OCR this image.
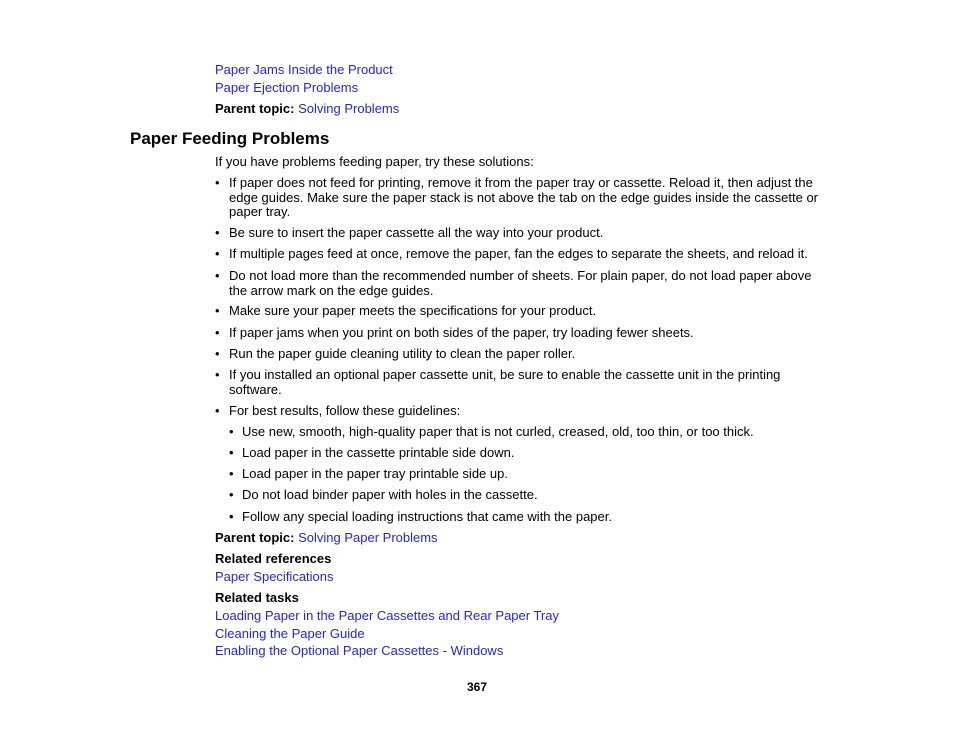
Paper Jams Inside the Product
Paper Ejection Problems
Parent topic: Solving Problems
Paper Feeding Problems
If you have problems feeding paper, try these solutions:
• If paper does not feed for printing, remove it from the paper tray or cassette. Reload it, then adjust the
edge guides. Make sure the paper stack is not above the tab on the edge guides inside the cassette or
paper tray.
• Be sure to insert the paper cassette all the way into your product.
• If multiple pages feed at once, remove the paper, fan the edges to separate the sheets, and reload it.
• Do not load more than the recommended number of sheets. For plain paper, do not load paper above
the arrow mark on the edge guides.
• Make sure your paper meets the specifications for your product.
• If paper jams when you print on both sides of the paper, try loading fewer sheets.
• Run the paper guide cleaning utility to clean the paper roller.
• If you installed an optional paper cassette unit, be sure to enable the cassette unit in the printing
software.
• For best results, follow these guidelines:
• Use new, smooth, high-quality paper that is not curled, creased, old, too thin, or too thick.
• Load paper in the cassette printable side down.
• Load paper in the paper tray printable side up.
• Do not load binder paper with holes in the cassette.
• Follow any special loading instructions that came with the paper.
Parent topic: Solving Paper Problems
Related references
Paper Specifications
Related tasks
Loading Paper in the Paper Cassettes and Rear Paper Tray
Cleaning the Paper Guide
Enabling the Optional Paper Cassettes - Windows
367
